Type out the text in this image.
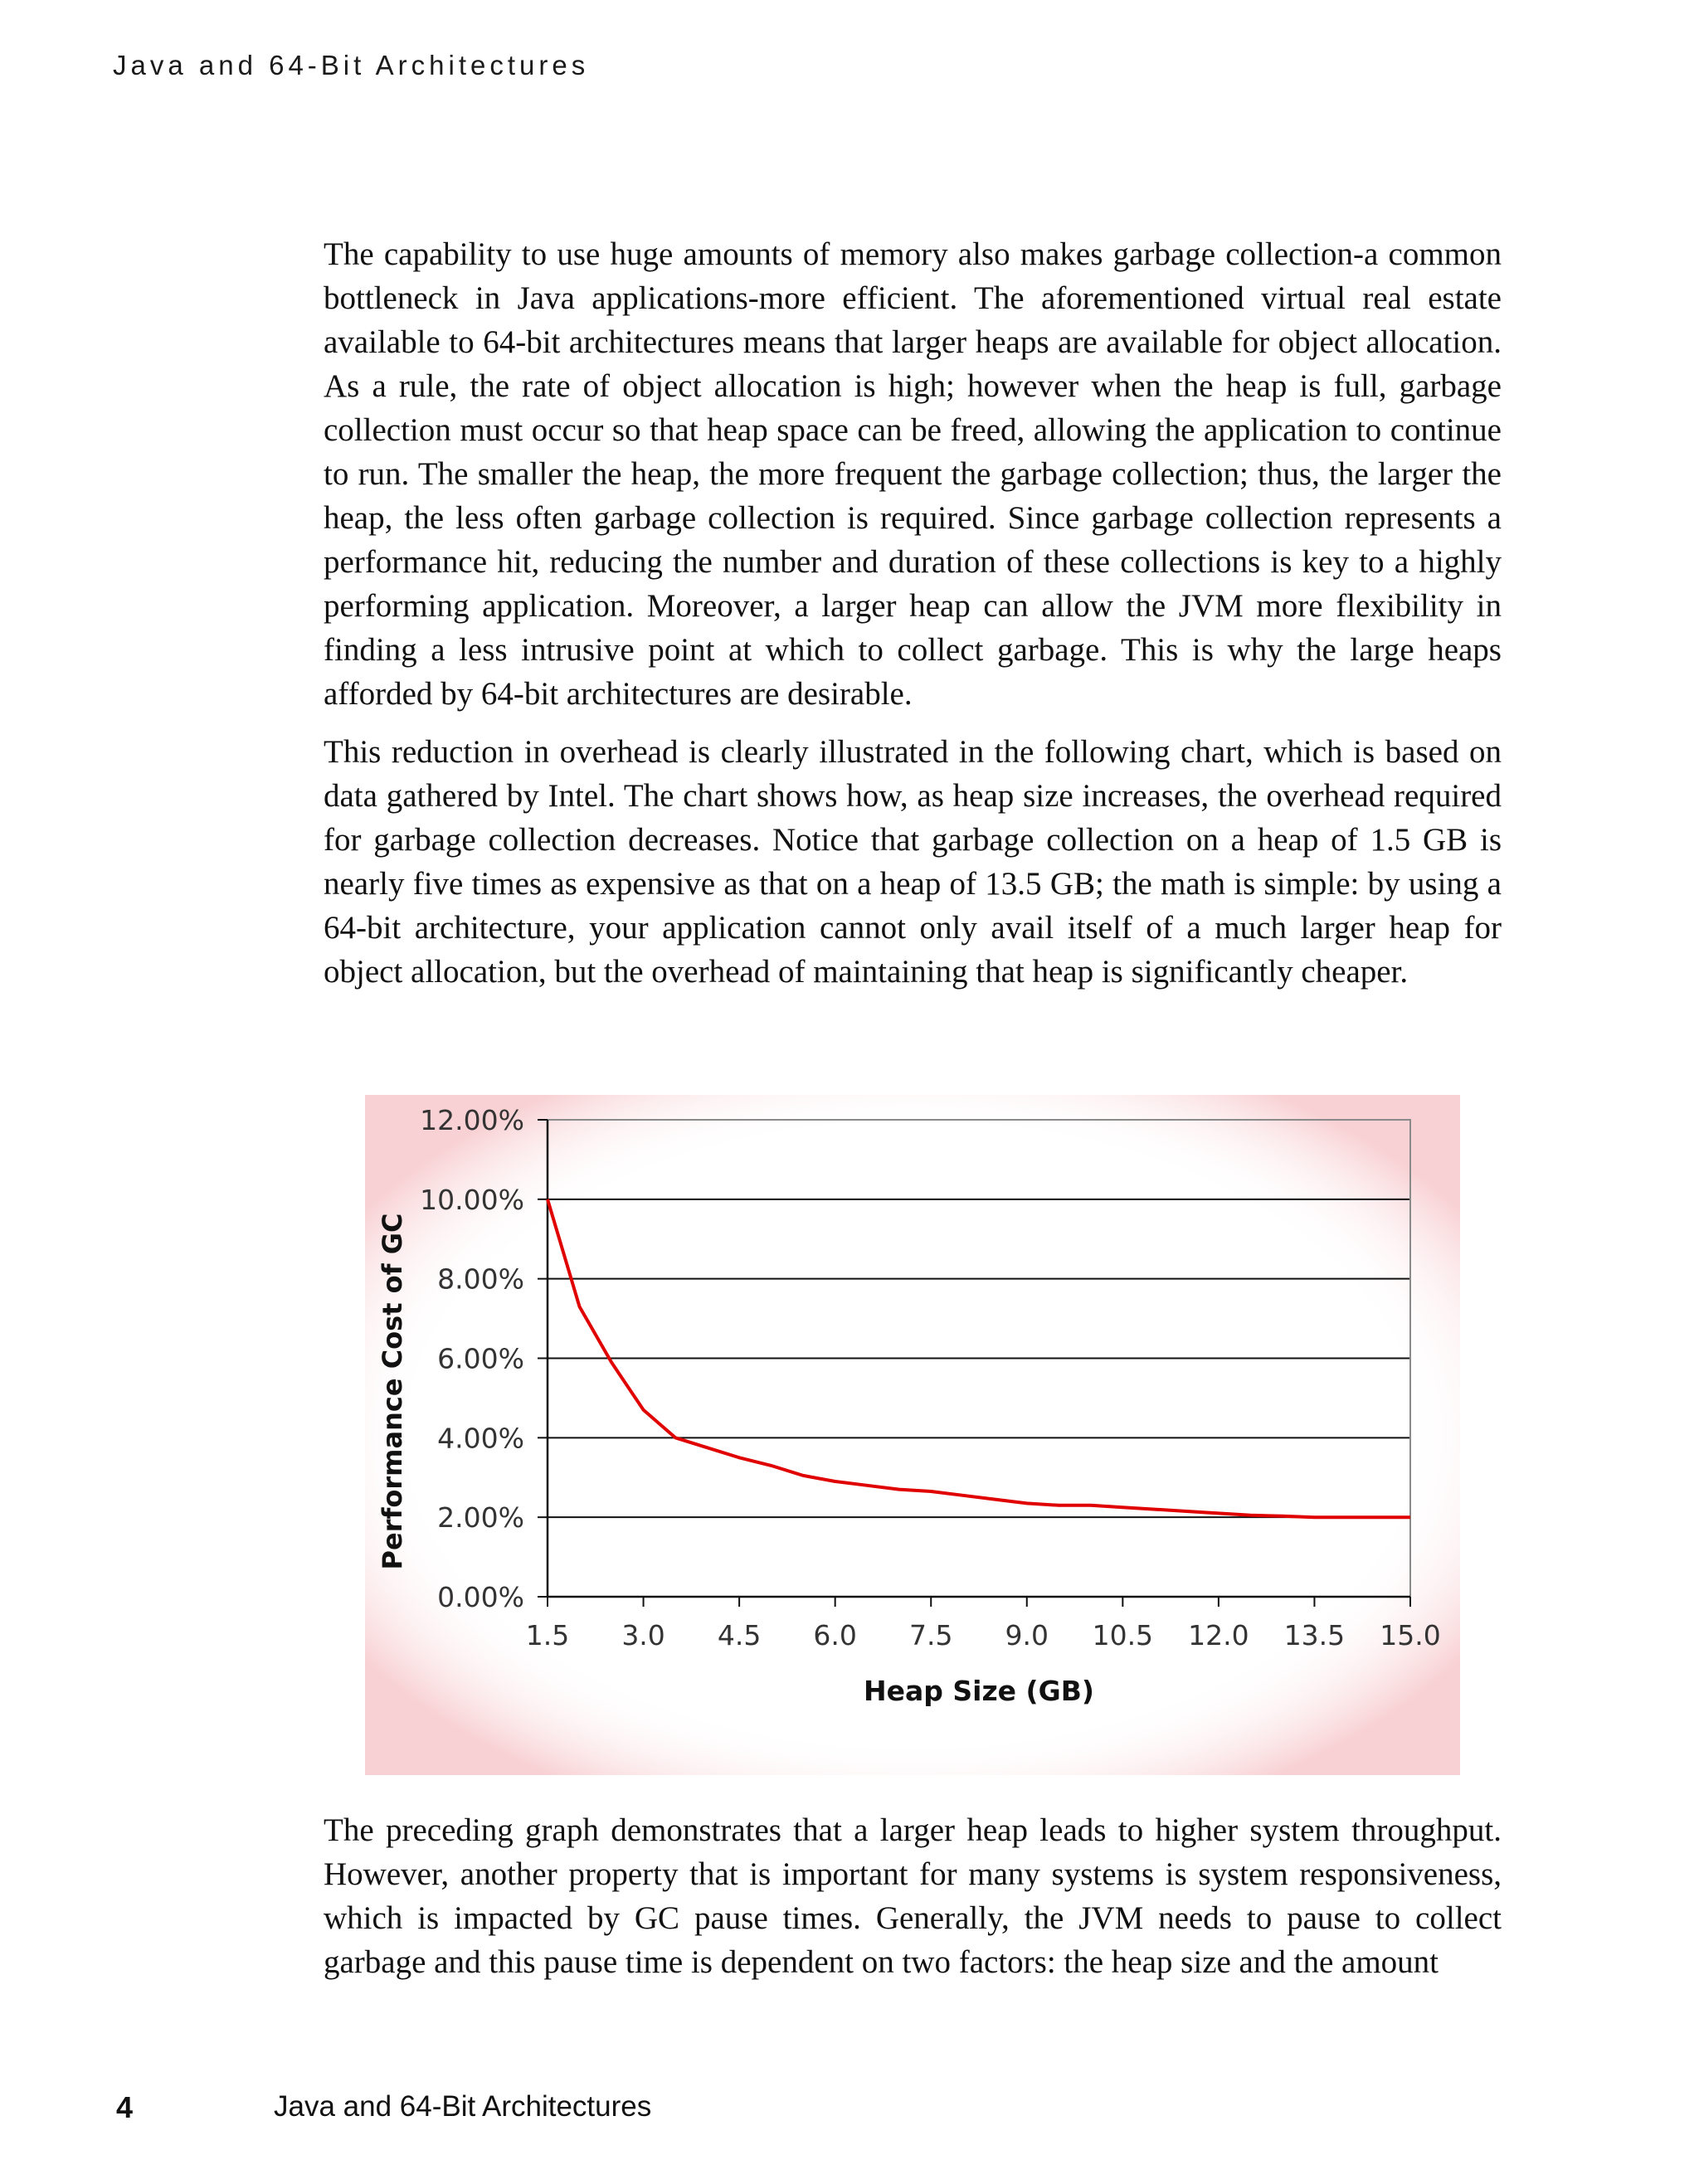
Java and 64-Bit Architectures

The capability to use huge amounts of memory also makes garbage collection-a common bottleneck in Java applications-more efficient. The aforementioned virtual real estate available to 64-bit architectures means that larger heaps are available for object allocation. As a rule, the rate of object allocation is high; however when the heap is full, garbage collection must occur so that heap space can be freed, allowing the application to continue to run. The smaller the heap, the more frequent the garbage collection; thus, the larger the heap, the less often garbage collection is required. Since garbage collection represents a performance hit, reducing the number and duration of these collections is key to a highly performing application. Moreover, a larger heap can allow the JVM more flexibility in finding a less intrusive point at which to collect garbage. This is why the large heaps afforded by 64-bit architectures are desirable.

This reduction in overhead is clearly illustrated in the following chart, which is based on data gathered by Intel. The chart shows how, as heap size increases, the overhead required for garbage collection decreases. Notice that garbage collection on a heap of 1.5 GB is nearly five times as expensive as that on a heap of 13.5 GB; the math is simple: by using a 64-bit architecture, your application cannot only avail itself of a much larger heap for object allocation, but the overhead of maintaining that heap is significantly cheaper.

0.00%
2.00%
4.00%
6.00%
8.00%
10.00%
12.00%
1.5 3.0 4.5 6.0 7.5 9.0 10.5 12.0 13.5 15.0
Heap Size (GB)
Performance Cost of GC

The preceding graph demonstrates that a larger heap leads to higher system throughput. However, another property that is important for many systems is system responsiveness, which is impacted by GC pause times. Generally, the JVM needs to pause to collect garbage and this pause time is dependent on two factors: the heap size and the amount

4	Java and 64-Bit Architectures
